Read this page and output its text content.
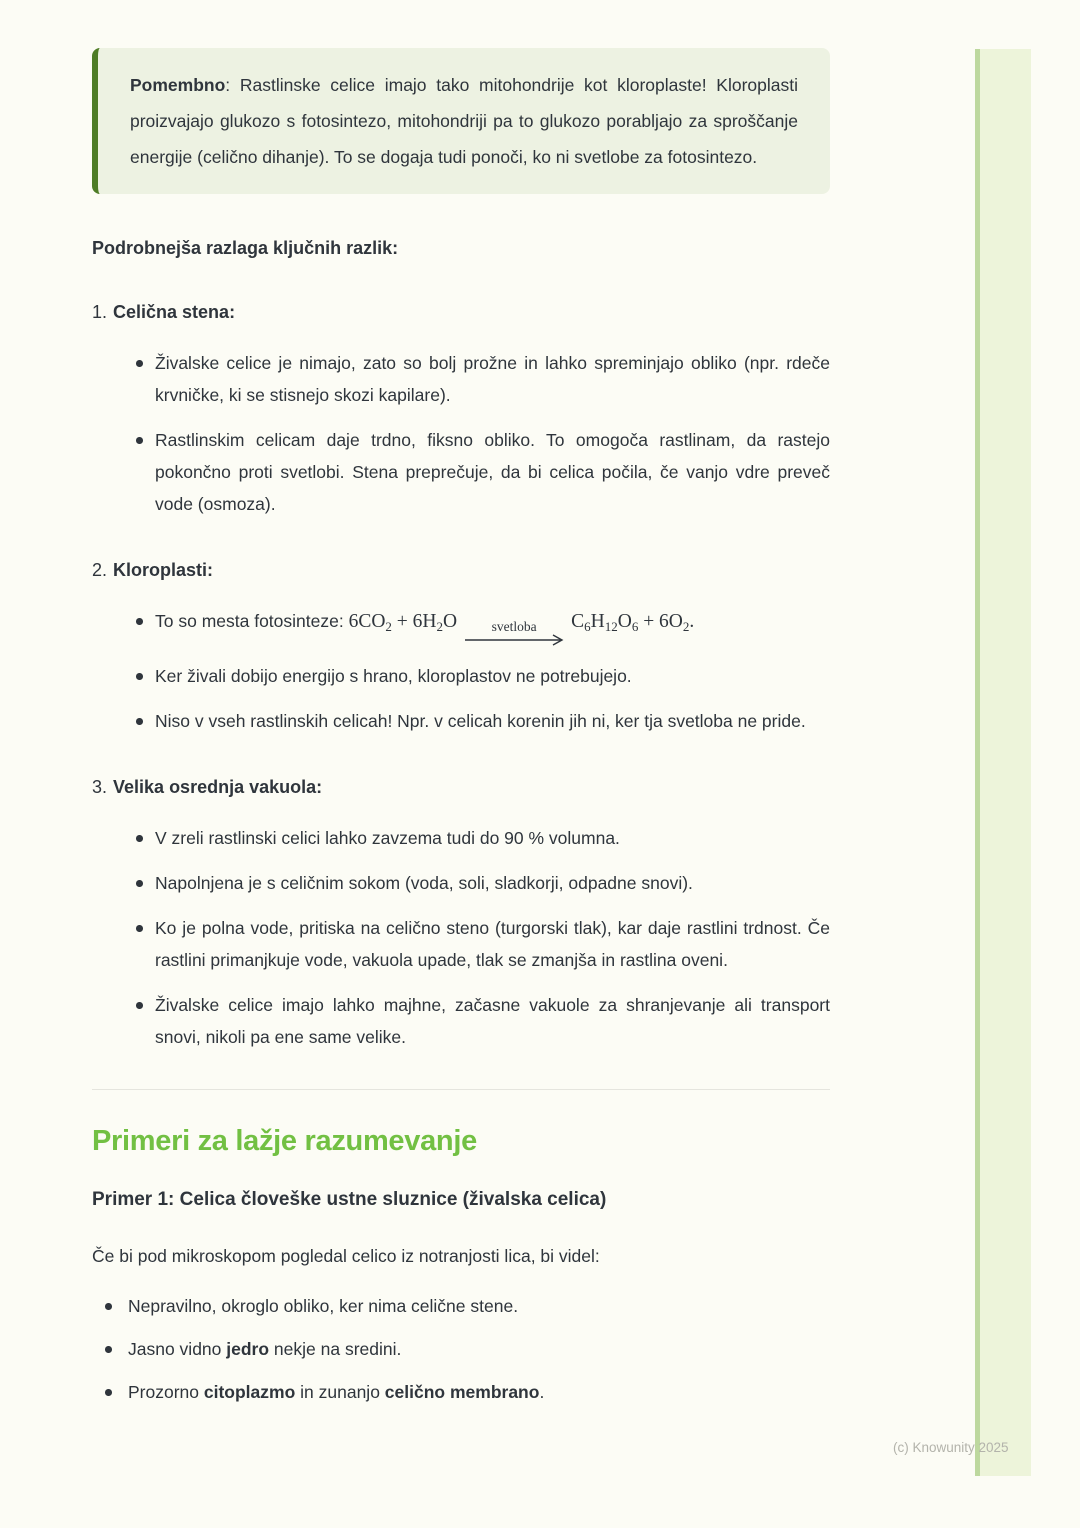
Pomembno: Rastlinske celice imajo tako mitohondrije kot kloroplaste! Kloroplasti proizvajajo glukozo s fotosintezo, mitohondriji pa to glukozo porabljajo za sproščanje energije (celično dihanje). To se dogaja tudi ponoči, ko ni svetlobe za fotosintezo.

Podrobnejša razlaga ključnih razlik:
1. Celična stena:
Živalske celice je nimajo, zato so bolj prožne in lahko spreminjajo obliko (npr. rdeče krvničke, ki se stisnejo skozi kapilare).
Rastlinskim celicam daje trdno, fiksno obliko. To omogoča rastlinam, da rastejo pokončno proti svetlobi. Stena preprečuje, da bi celica počila, če vanjo vdre preveč vode (osmoza).
2. Kloroplasti:
To so mesta fotosinteze: $6CO_2 + 6H_2O$	svetloba $C_6H_{12}O_6 + 6O_2$.
Ker živali dobijo energijo s hrano, kloroplastov ne potrebujejo.
Niso v vseh rastlinskih celicah! Npr. v celicah korenin jih ni, ker tja svetloba ne pride.
3. Velika osrednja vakuola:
V zreli rastlinski celici lahko zavzema tudi do 90 % volumna.
Napolnjena je s celičnim sokom (voda, soli, sladkorji, odpadne snovi).
Ko je polna vode, pritiska na celično steno (turgorski tlak), kar daje rastlini trdnost. Če rastlini primanjkuje vode, vakuola upade, tlak se zmanjša in rastlina oveni.
Živalske celice imajo lahko majhne, začasne vakuole za shranjevanje ali transport snovi, nikoli pa ene same velike.
Primeri za lažje razumevanje
Primer 1: Celica človeške ustne sluznice (živalska celica)

Če bi pod mikroskopom pogledal celico iz notranjosti lica, bi videl:

Nepravilno, okroglo obliko, ker nima celične stene.
Jasno vidno jedro nekje na sredini.
Prozorno citoplazmo in zunanjo celično membrano.
(c) Knowunity 2025
